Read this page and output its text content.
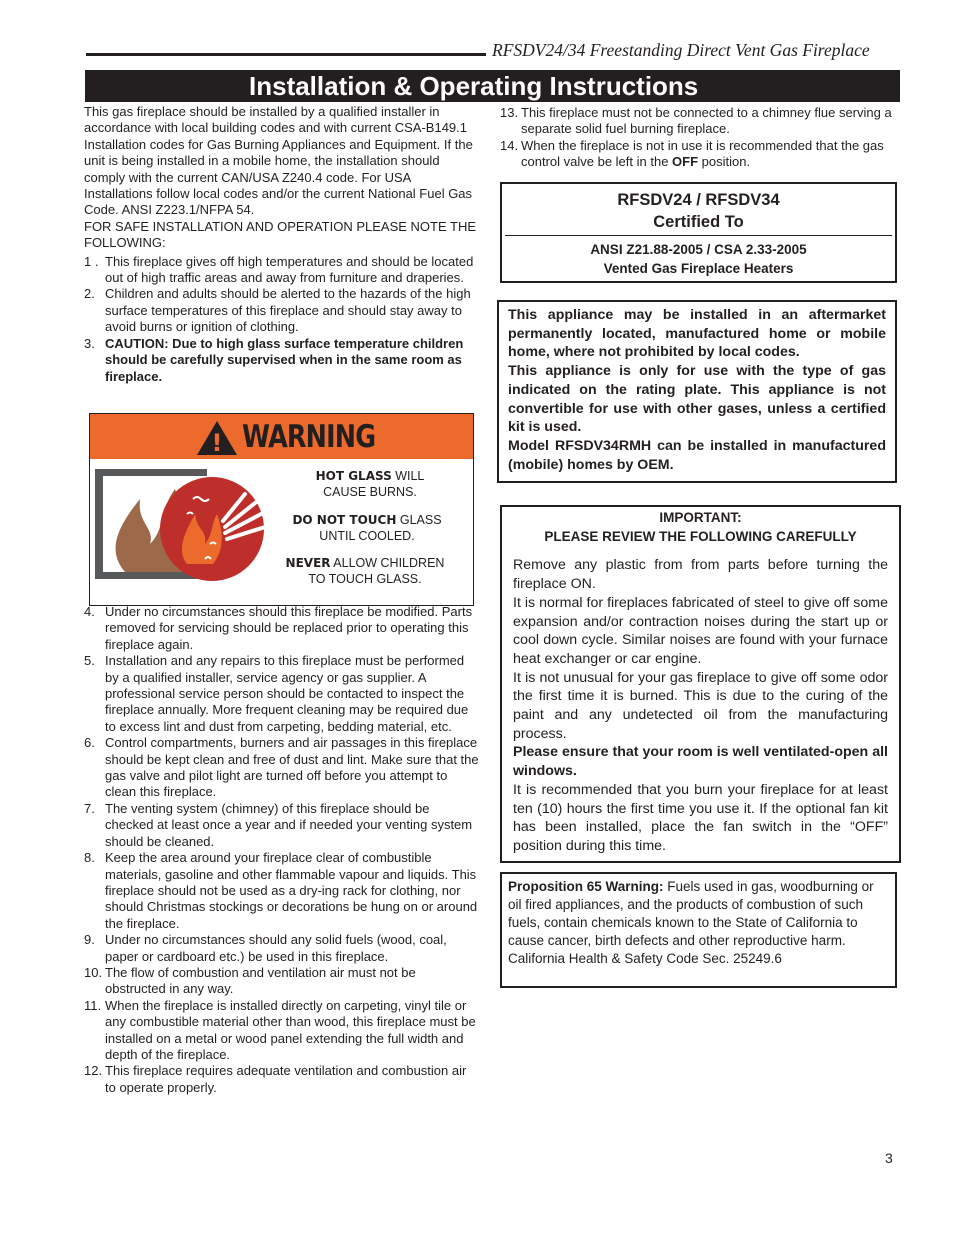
RFSDV24/34 Freestanding Direct Vent Gas Fireplace
Installation & Operating Instructions

This gas fireplace should be installed by a qualified installer in accordance with local building codes and with current CSA-B149.1 Installation codes for Gas Burning Appliances and Equipment. If the unit is being installed in a mobile home, the installation should comply with the current CAN/USA Z240.4 code. For USA Installations follow local codes and/or the current National Fuel Gas Code. ANSI Z223.1/NFPA 54.

FOR SAFE INSTALLATION AND OPERATION PLEASE NOTE THE FOLLOWING:

1 . This fireplace gives off high temperatures and should be located out of high traffic areas and away from furniture and draperies.
2. Children and adults should be alerted to the hazards of the high surface temperatures of this fireplace and should stay away to avoid burns or ignition of clothing.
3. CAUTION: Due to high glass surface temperature children should be carefully supervised when in the same room as fireplace.
! WARNING
HOT GLASS WILL
CAUSE BURNS.
DO NOT TOUCH GLASS
UNTIL COOLED.
NEVER ALLOW CHILDREN
TO TOUCH GLASS.
4. Under no circumstances should this fireplace be modified. Parts removed for servicing should be replaced prior to operating this fireplace again.
5. Installation and any repairs to this fireplace must be performed by a qualified installer, service agency or gas supplier. A professional service person should be contacted to inspect the fireplace annually. More frequent cleaning may be required due to excess lint and dust from carpeting, bedding material, etc.
6. Control compartments, burners and air passages in this fireplace should be kept clean and free of dust and lint. Make sure that the gas valve and pilot light are turned off before you attempt to clean this fireplace.
7. The venting system (chimney) of this fireplace should be checked at least once a year and if needed your venting system should be cleaned.
8. Keep the area around your fireplace clear of combustible materials, gasoline and other flammable vapour and liquids. This fireplace should not be used as a dry-ing rack for clothing, nor should Christmas stockings or decorations be hung on or around the fireplace.
9. Under no circumstances should any solid fuels (wood, coal, paper or cardboard etc.) be used in this fireplace.
10. The flow of combustion and ventilation air must not be obstructed in any way.
11. When the fireplace is installed directly on carpeting, vinyl tile or any combustible material other than wood, this fireplace must be installed on a metal or wood panel extending the full width and depth of the fireplace.
12. This fireplace requires adequate ventilation and combustion air to operate properly.
13. This fireplace must not be connected to a chimney flue serving a separate solid fuel burning fireplace.
14. When the fireplace is not in use it is recommended that the gas control valve be left in the OFF position.
RFSDV24 / RFSDV34
Certified To
ANSI Z21.88-2005 / CSA 2.33-2005
Vented Gas Fireplace Heaters

This appliance may be installed in an aftermarket permanently located, manufactured home or mobile home, where not prohibited by local codes.

This appliance is only for use with the type of gas indicated on the rating plate. This appliance is not convertible for use with other gases, unless a certified kit is used.

Model RFSDV34RMH can be installed in manufactured (mobile) homes by OEM.

IMPORTANT:
PLEASE REVIEW THE FOLLOWING CAREFULLY

Remove any plastic from from parts before turning the fireplace ON.

It is normal for fireplaces fabricated of steel to give off some expansion and/or contraction noises during the start up or cool down cycle. Similar noises are found with your furnace heat exchanger or car engine.

It is not unusual for your gas fireplace to give off some odor the first time it is burned. This is due to the curing of the paint and any undetected oil from the manufacturing process.

Please ensure that your room is well ventilated-open all windows.

It is recommended that you burn your fireplace for at least ten (10) hours the first time you use it. If the optional fan kit has been installed, place the fan switch in the “OFF” position during this time.

Proposition 65 Warning: Fuels used in gas, woodburning or oil fired appliances, and the products of combustion of such fuels, contain chemicals known to the State of California to cause cancer, birth defects and other reproductive harm.

California Health & Safety Code Sec. 25249.6

3
